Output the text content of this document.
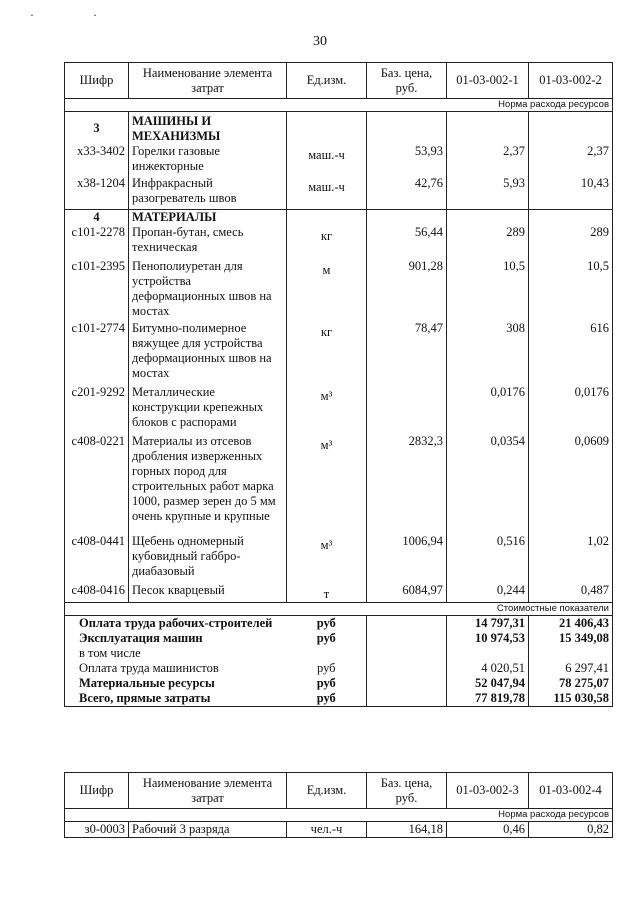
· ·
30
Шифр	Наименование элемента затрат	Ед.изм.	Баз. цена, руб.	01-03-002-1	01-03-002-2
Норма расхода ресурсов					

3	МАШИНЫ И МЕХАНИЗМЫ				
х33-3402	Горелки газовые инжекторные	маш.-ч	53,93	2,37	2,37

х38-1204	Инфракрасный разогреватель швов	маш.-ч	42,76	5,93	10,43

4	МАТЕРИАЛЫ				
с101-2278	Пропан-бутан, смесь техническая	кг	56,44	289	289

с101-2395	Пенополиуретан для устройства деформационных швов на мостах	м	901,28	10,5	10,5

с101-2774	Битумно-полимерное вяжущее для устройства деформационных швов на мостах	кг	78,47	308	616

с201-9292	Металлические конструкции крепежных блоков с распорами	м³		0,0176	0,0176

с408-0221	Материалы из отсевов дробления изверженных горных пород для строительных работ марка 1000, размер зерен до 5 мм очень крупные и крупные	м³	2832,3	0,0354	0,0609

с408-0441	Щебень одномерный кубовидный габбро-диабазовый	м³	1006,94	0,516	1,02

с408-0416	Песок кварцевый	т	6084,97	0,244	0,487
Стоимостные показатели					
Оплата труда рабочих-строителей		руб		14 797,31	21 406,43
Эксплуатация машин		руб		10 974,53	15 349,08
в том числе					
Оплата труда машинистов		руб		4 020,51	6 297,41
Материальные ресурсы		руб		52 047,94	78 275,07
Всего, прямые затраты		руб		77 819,78	115 030,58
Шифр	Наименование элемента затрат	Ед.изм.	Баз. цена, руб.	01-03-002-3	01-03-002-4
Норма расхода ресурсов					
з0-0003	Рабочий 3 разряда	чел.-ч	164,18	0,46	0,82
